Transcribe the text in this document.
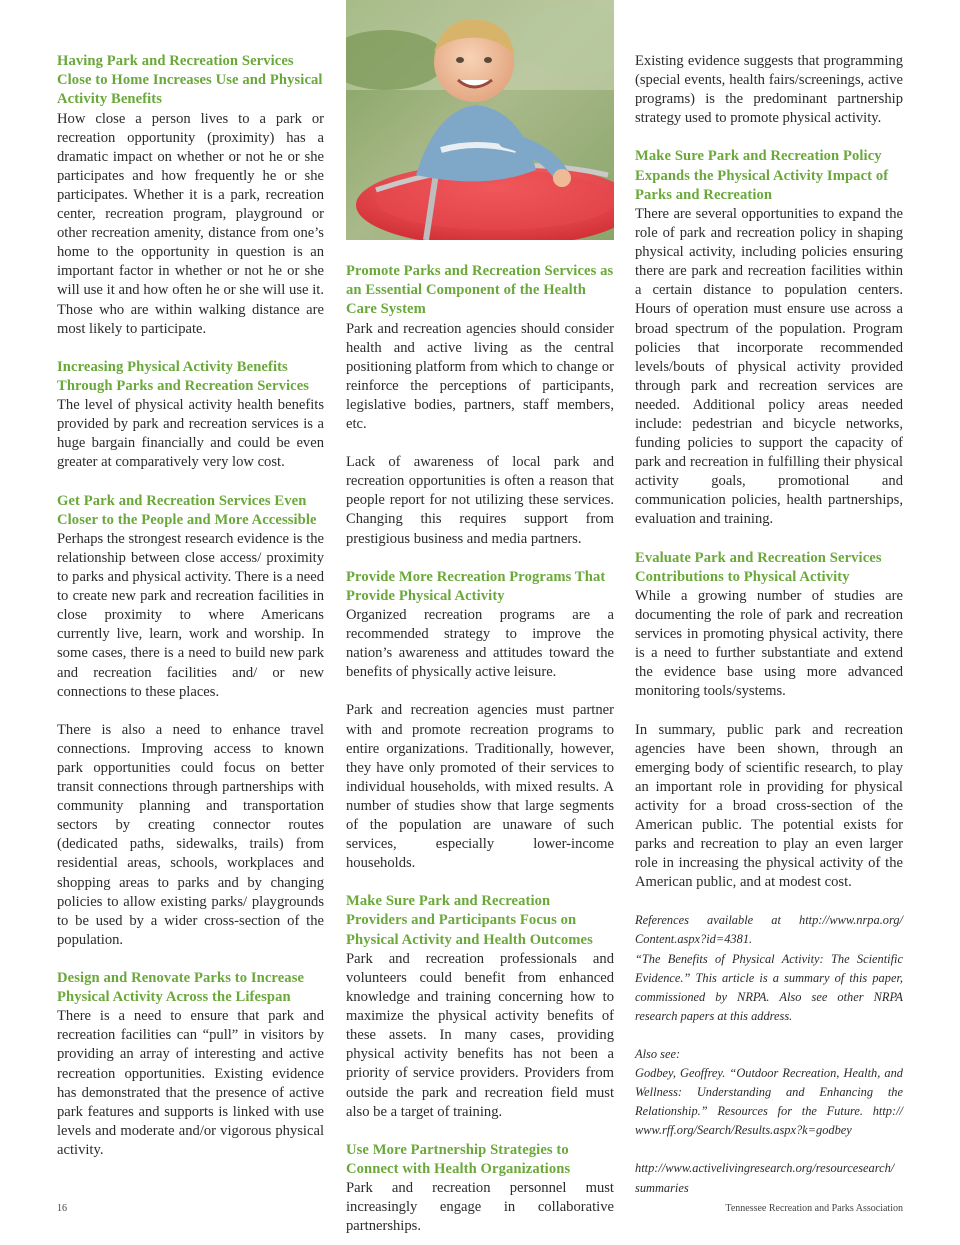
Having Park and Recreation Services Close to Home Increases Use and Physical Activity Benefits

How close a person lives to a park or recreation opportunity (proximity) has a dramatic impact on whether or not he or she participates and how frequently he or she participates. Whether it is a park, recreation center, recreation program, playground or other recreation amenity, distance from one’s home to the opportunity in question is an important factor in whether or not he or she will use it and how often he or she will use it. Those who are within walking distance are most likely to participate.

Increasing Physical Activity Benefits Through Parks and Recreation Services

The level of physical activity health benefits provided by park and recreation services is a huge bargain financially and could be even greater at comparatively very low cost.

Get Park and Recreation Services Even Closer to the People and More Accessible

Perhaps the strongest research evidence is the relationship between close access/ proximity to parks and physical activity. There is a need to create new park and recreation facilities in close proximity to where Americans currently live, learn, work and worship. In some cases, there is a need to build new park and recreation facilities and/ or new connections to these places.

There is also a need to enhance travel connections. Improving access to known park opportunities could focus on better transit connections through partnerships with community planning and transportation sectors by creating connector routes (dedicated paths, sidewalks, trails) from residential areas, schools, workplaces and shopping areas to parks and by changing policies to allow existing parks/ playgrounds to be used by a wider cross-section of the population.

Design and Renovate Parks to Increase Physical Activity Across the Lifespan

There is a need to ensure that park and recreation facilities can “pull” in visitors by providing an array of interesting and active recreation opportunities. Existing evidence has demonstrated that the presence of active park features and supports is linked with use levels and moderate and/or vigorous physical activity.

Promote Parks and Recreation Services as an Essential Component of the Health Care System

Park and recreation agencies should consider health and active living as the central positioning platform from which to change or reinforce the perceptions of participants, legislative bodies, partners, staff members, etc.

Lack of awareness of local park and recreation opportunities is often a reason that people report for not utilizing these services. Changing this requires support from prestigious business and media partners.

Provide More Recreation Programs That Provide Physical Activity

Organized recreation programs are a recommended strategy to improve the nation’s awareness and attitudes toward the benefits of physically active leisure.

Park and recreation agencies must partner with and promote recreation programs to entire organizations. Traditionally, however, they have only promoted of their services to individual households, with mixed results. A number of studies show that large segments of the population are unaware of such services, especially lower-income households.

Make Sure Park and Recreation Providers and Participants Focus on Physical Activity and Health Outcomes

Park and recreation professionals and volunteers could benefit from enhanced knowledge and training concerning how to maximize the physical activity benefits of these assets. In many cases, providing physical activity benefits has not been a priority of service providers. Providers from outside the park and recreation field must also be a target of training.

Use More Partnership Strategies to Connect with Health Organizations

Park and recreation personnel must increasingly engage in collaborative partnerships.

Existing evidence suggests that programming (special events, health fairs/screenings, active programs) is the predominant partnership strategy used to promote physical activity.

Make Sure Park and Recreation Policy Expands the Physical Activity Impact of Parks and Recreation

There are several opportunities to expand the role of park and recreation policy in shaping physical activity, including policies ensuring there are park and recreation facilities within a certain distance to population centers. Hours of operation must ensure use across a broad spectrum of the population. Program policies that incorporate recommended levels/bouts of physical activity provided through park and recreation services are needed. Additional policy areas needed include: pedestrian and bicycle networks, funding policies to support the capacity of park and recreation in fulfilling their physical activity goals, promotional and communication policies, health partnerships, evaluation and training.

Evaluate Park and Recreation Services Contributions to Physical Activity

While a growing number of studies are documenting the role of park and recreation services in promoting physical activity, there is a need to further substantiate and extend the evidence base using more advanced monitoring tools/systems.

In summary, public park and recreation agencies have been shown, through an emerging body of scientific research, to play an important role in providing for physical activity for a broad cross-section of the American public. The potential exists for parks and recreation to play an even larger role in increasing the physical activity of the American public, and at modest cost.

References available at http://www.nrpa.org/ Content.aspx?id=4381.

“The Benefits of Physical Activity: The Scientific Evidence.” This article is a summary of this paper, commissioned by NRPA. Also see other NRPA research papers at this address.

Also see:

Godbey, Geoffrey. “Outdoor Recreation, Health, and Wellness: Understanding and Enhancing the Relationship.” Resources for the Future. http:// www.rff.org/Search/Results.aspx?k=godbey

http://www.activelivingresearch.org/resourcesearch/ summaries

16	Tennessee Recreation and Parks Association
